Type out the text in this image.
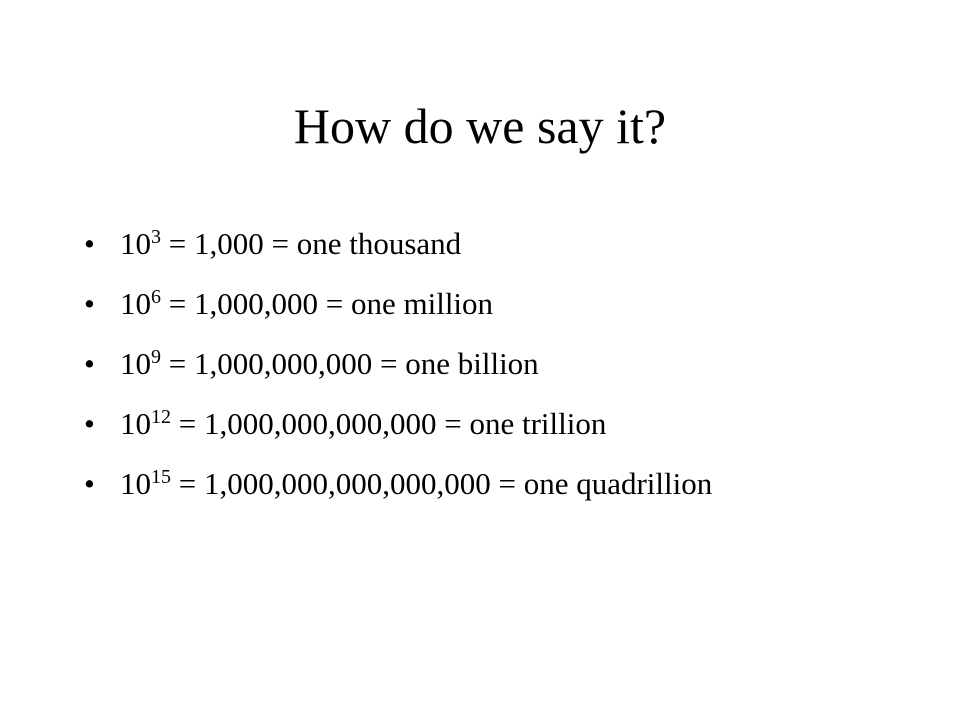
How do we say it?
• $10^3 = 1,000$ = one thousand
• $10^6 = 1,000,000$ = one million
• $10^9 = 1,000,000,000$ = one billion
• $10^{12} = 1,000,000,000,000$ = one trillion
• $10^{15} = 1,000,000,000,000,000$ = one quadrillion
